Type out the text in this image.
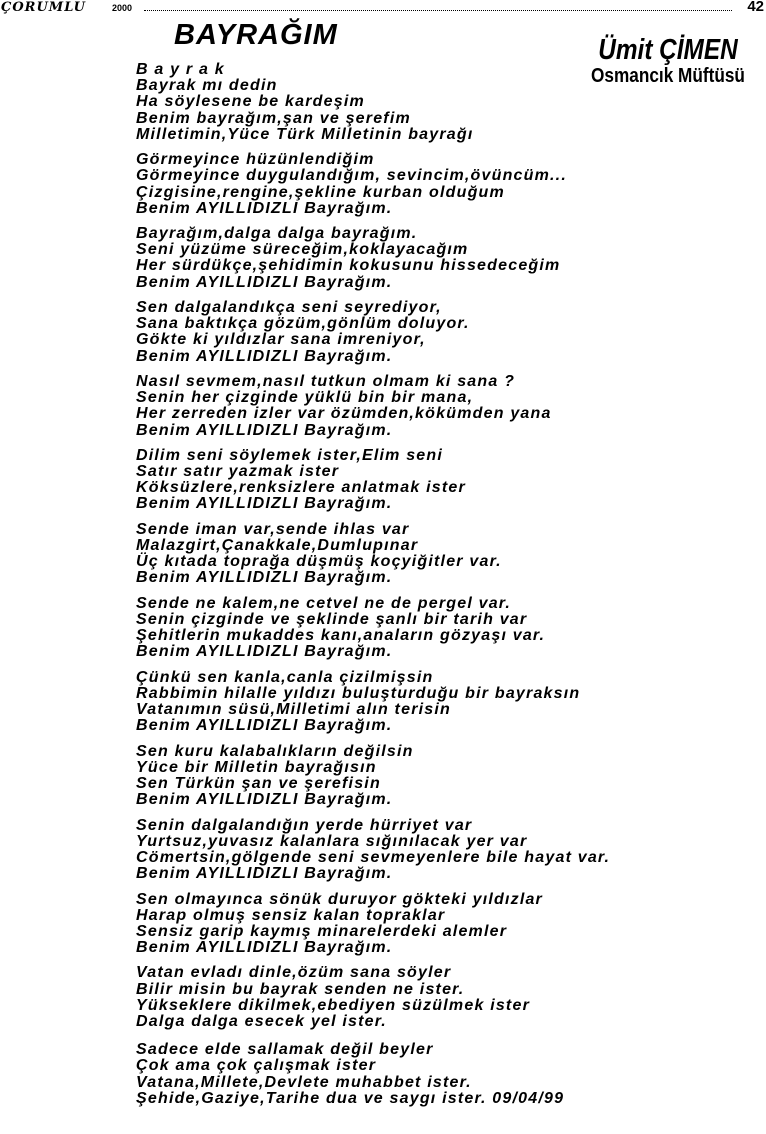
ÇORUMLU	2000	42
BAYRAĞIM	Ümit ÇİMEN
Osmancık Müftüsü
B a y r a k
Bayrak mı dedin
Ha söylesene be kardeşim
Benim bayrağım,şan ve şerefim
Milletimin,Yüce Türk Milletinin bayrağı
Görmeyince hüzünlendiğim
Görmeyince duygulandığım, sevincim,övüncüm...
Çizgisine,rengine,şekline kurban olduğum
Benim AYILLIDIZLI Bayrağım.
Bayrağım,dalga dalga bayrağım.
Seni yüzüme süreceğim,koklayacağım
Her sürdükçe,şehidimin kokusunu hissedeceğim
Benim AYILLIDIZLI Bayrağım.
Sen dalgalandıkça seni seyrediyor,
Sana baktıkça gözüm,gönlüm doluyor.
Gökte ki yıldızlar sana imreniyor,
Benim AYILLIDIZLI Bayrağım.
Nasıl sevmem,nasıl tutkun olmam ki sana ?
Senin her çizginde yüklü bin bir mana,
Her zerreden izler var özümden,kökümden yana
Benim AYILLIDIZLI Bayrağım.
Dilim seni söylemek ister,Elim seni
Satır satır yazmak ister
Köksüzlere,renksizlere anlatmak ister
Benim AYILLIDIZLI Bayrağım.
Sende iman var,sende ihlas var
Malazgirt,Çanakkale,Dumlupınar
Üç kıtada toprağa düşmüş koçyiğitler var.
Benim AYILLIDIZLI Bayrağım.
Sende ne kalem,ne cetvel ne de pergel var.
Senin çizginde ve şeklinde şanlı bir tarih var
Şehitlerin mukaddes kanı,anaların gözyaşı var.
Benim AYILLIDIZLI Bayrağım.
Çünkü sen kanla,canla çizilmişsin
Rabbimin hilalle yıldızı buluşturduğu bir bayraksın
Vatanımın süsü,Milletimi alın terisin
Benim AYILLIDIZLI Bayrağım.
Sen kuru kalabalıkların değilsin
Yüce bir Milletin bayrağısın
Sen Türkün şan ve şerefisin
Benim AYILLIDIZLI Bayrağım.
Senin dalgalandığın yerde hürriyet var
Yurtsuz,yuvasız kalanlara sığınılacak yer var
Cömertsin,gölgende seni sevmeyenlere bile hayat var.
Benim AYILLIDIZLI Bayrağım.
Sen olmayınca sönük duruyor gökteki yıldızlar
Harap olmuş sensiz kalan topraklar
Sensiz garip kaymış minarelerdeki alemler
Benim AYILLIDIZLI Bayrağım.
Vatan evladı dinle,özüm sana söyler
Bilir misin bu bayrak senden ne ister.
Yükseklere dikilmek,ebediyen süzülmek ister
Dalga dalga esecek yel ister.
Sadece elde sallamak değil beyler
Çok ama çok çalışmak ister
Vatana,Millete,Devlete muhabbet ister.
Şehide,Gaziye,Tarihe dua ve saygı ister. 09/04/99
